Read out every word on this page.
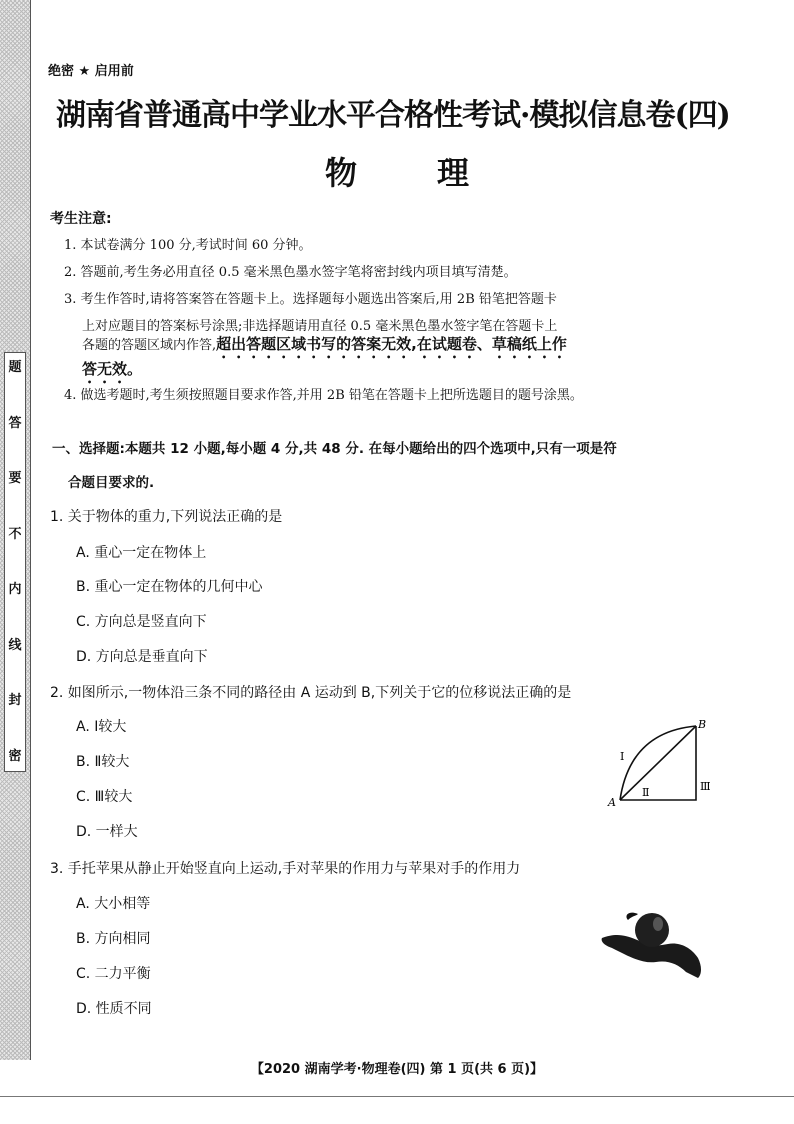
题
答
要
不
内
线
封
密
绝密 ★ 启用前
湖南省普通高中学业水平合格性考试·模拟信息卷(四)
物	理
考生注意:
1. 本试卷满分 100 分,考试时间 60 分钟。
2. 答题前,考生务必用直径 0.5 毫米黑色墨水签字笔将密封线内项目填写清楚。
3. 考生作答时,请将答案答在答题卡上。选择题每小题选出答案后,用 2B 铅笔把答题卡
上对应题目的答案标号涂黑;非选择题请用直径 0.5 毫米黑色墨水签字笔在答题卡上
各题的答题区域内作答,超出答题区域书写的答案无效,在试题卷、草稿纸上作
答无效。
4. 做选考题时,考生须按照题目要求作答,并用 2B 铅笔在答题卡上把所选题目的题号涂黑。
一、选择题:本题共 12 小题,每小题 4 分,共 48 分. 在每小题给出的四个选项中,只有一项是符
合题目要求的.
1. 关于物体的重力,下列说法正确的是
A. 重心一定在物体上
B. 重心一定在物体的几何中心
C. 方向总是竖直向下
D. 方向总是垂直向下
2. 如图所示,一物体沿三条不同的路径由 A 运动到 B,下列关于它的位移说法正确的是
A. Ⅰ较大
B. Ⅱ较大
C. Ⅲ较大
D. 一样大
A
B
I
Ⅱ	Ⅲ
3. 手托苹果从静止开始竖直向上运动,手对苹果的作用力与苹果对手的作用力
A. 大小相等
B. 方向相同
C. 二力平衡
D. 性质不同
【2020 湖南学考·物理卷(四) 第 1 页(共 6 页)】
